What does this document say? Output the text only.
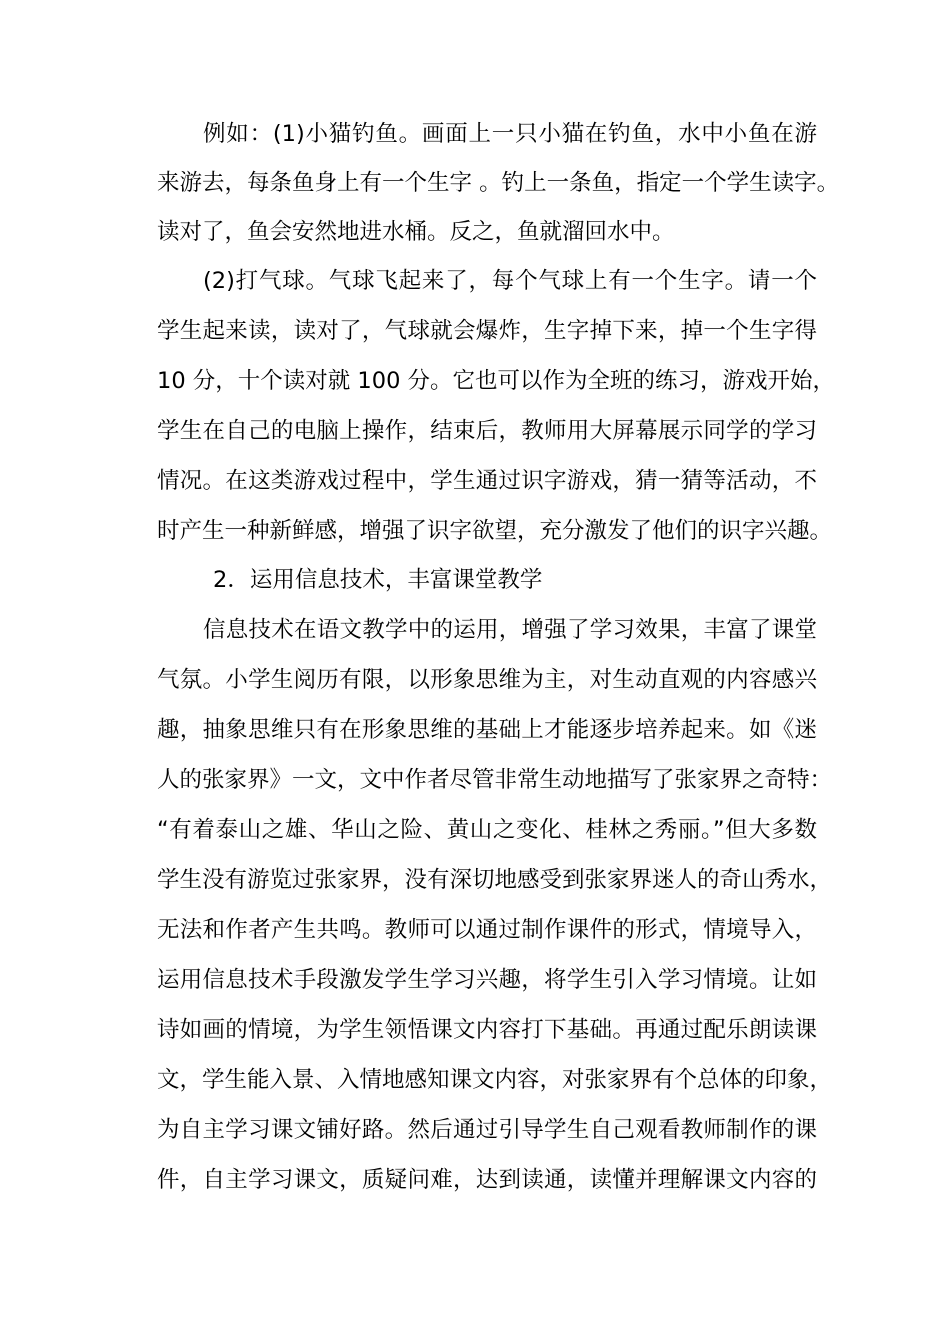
例如：(1)小猫钓鱼。画面上一只小猫在钓鱼，水中小鱼在游
来游去，每条鱼身上有一个生字 。钓上一条鱼，指定一个学生读字。
读对了，鱼会安然地进水桶。反之，鱼就溜回水中。
(2)打气球。气球飞起来了，每个气球上有一个生字。请一个
学生起来读，读对了，气球就会爆炸，生字掉下来，掉一个生字得
10 分，十个读对就 100 分。它也可以作为全班的练习，游戏开始，
学生在自己的电脑上操作，结束后，教师用大屏幕展示同学的学习
情况。在这类游戏过程中，学生通过识字游戏，猜一猜等活动，不
时产生一种新鲜感，增强了识字欲望，充分激发了他们的识字兴趣。
2．运用信息技术，丰富课堂教学
信息技术在语文教学中的运用，增强了学习效果，丰富了课堂
气氛。小学生阅历有限，以形象思维为主，对生动直观的内容感兴
趣，抽象思维只有在形象思维的基础上才能逐步培养起来。如《迷
人的张家界》一文，文中作者尽管非常生动地描写了张家界之奇特：
“有着泰山之雄、华山之险、黄山之变化、桂林之秀丽。”但大多数
学生没有游览过张家界，没有深切地感受到张家界迷人的奇山秀水，
无法和作者产生共鸣。教师可以通过制作课件的形式，情境导入，
运用信息技术手段激发学生学习兴趣，将学生引入学习情境。让如
诗如画的情境，为学生领悟课文内容打下基础。再通过配乐朗读课
文，学生能入景、入情地感知课文内容，对张家界有个总体的印象，
为自主学习课文铺好路。然后通过引导学生自己观看教师制作的课
件，自主学习课文，质疑问难，达到读通，读懂并理解课文内容的
